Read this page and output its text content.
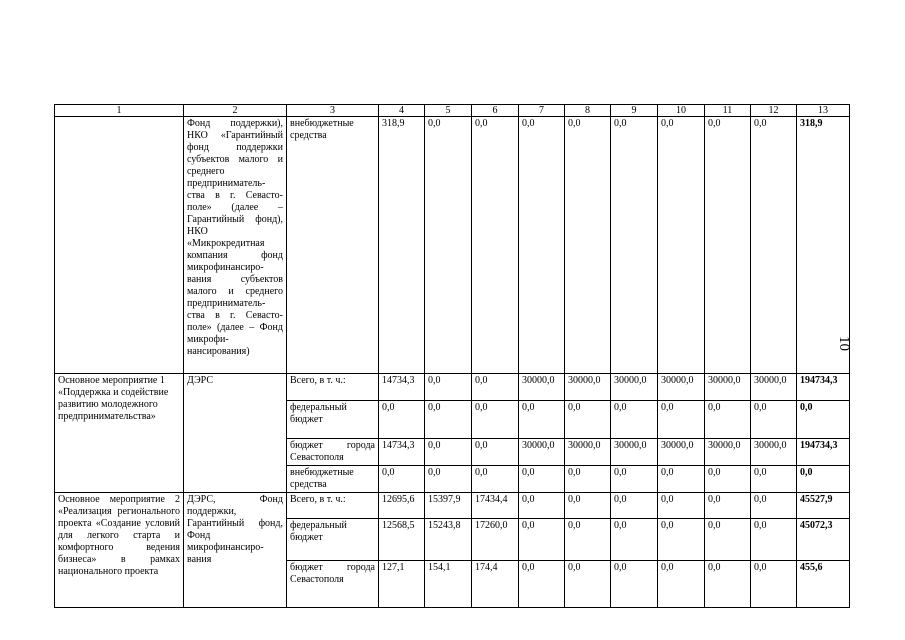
1	2	3	4	5	6	7	8	9	10	11	12	13
	Фонд поддержки), НКО «Гарантийный фонд поддержки субъектов малого и среднего предприниматель-ства в г. Севасто-поле» (далее – Гарантийный фонд), НКО «Микрокредитная компания фонд микрофинансиро-вания субъектов малого и среднего предприниматель-ства в г. Севасто-поле» (далее – Фонд микрофи-нансирования)	внебюджетные средства	318,9	0,0	0,0	0,0	0,0	0,0	0,0	0,0	0,0	318,9
Основное мероприятие 1 «Поддержка и содействие развитию молодежного предпринимательства»	ДЭРС	Всего, в т. ч.:	14734,3	0,0	0,0	30000,0	30000,0	30000,0	30000,0	30000,0	30000,0	194734,3
		федеральный бюджет	0,0	0,0	0,0	0,0	0,0	0,0	0,0	0,0	0,0	0,0
		бюджет города Севастополя	14734,3	0,0	0,0	30000,0	30000,0	30000,0	30000,0	30000,0	30000,0	194734,3
		внебюджетные средства	0,0	0,0	0,0	0,0	0,0	0,0	0,0	0,0	0,0	0,0
Основное мероприятие 2 «Реализация регионального проекта «Создание условий для легкого старта и комфортного ведения бизнеса» в рамках национального проекта	ДЭРС, Фонд поддержки, Гарантийный фонд, Фонд микрофинансиро-вания	Всего, в т. ч.:	12695,6	15397,9	17434,4	0,0	0,0	0,0	0,0	0,0	0,0	45527,9
		федеральный бюджет	12568,5	15243,8	17260,0	0,0	0,0	0,0	0,0	0,0	0,0	45072,3
		бюджет города Севастополя	127,1	154,1	174,4	0,0	0,0	0,0	0,0	0,0	0,0	455,6
10
